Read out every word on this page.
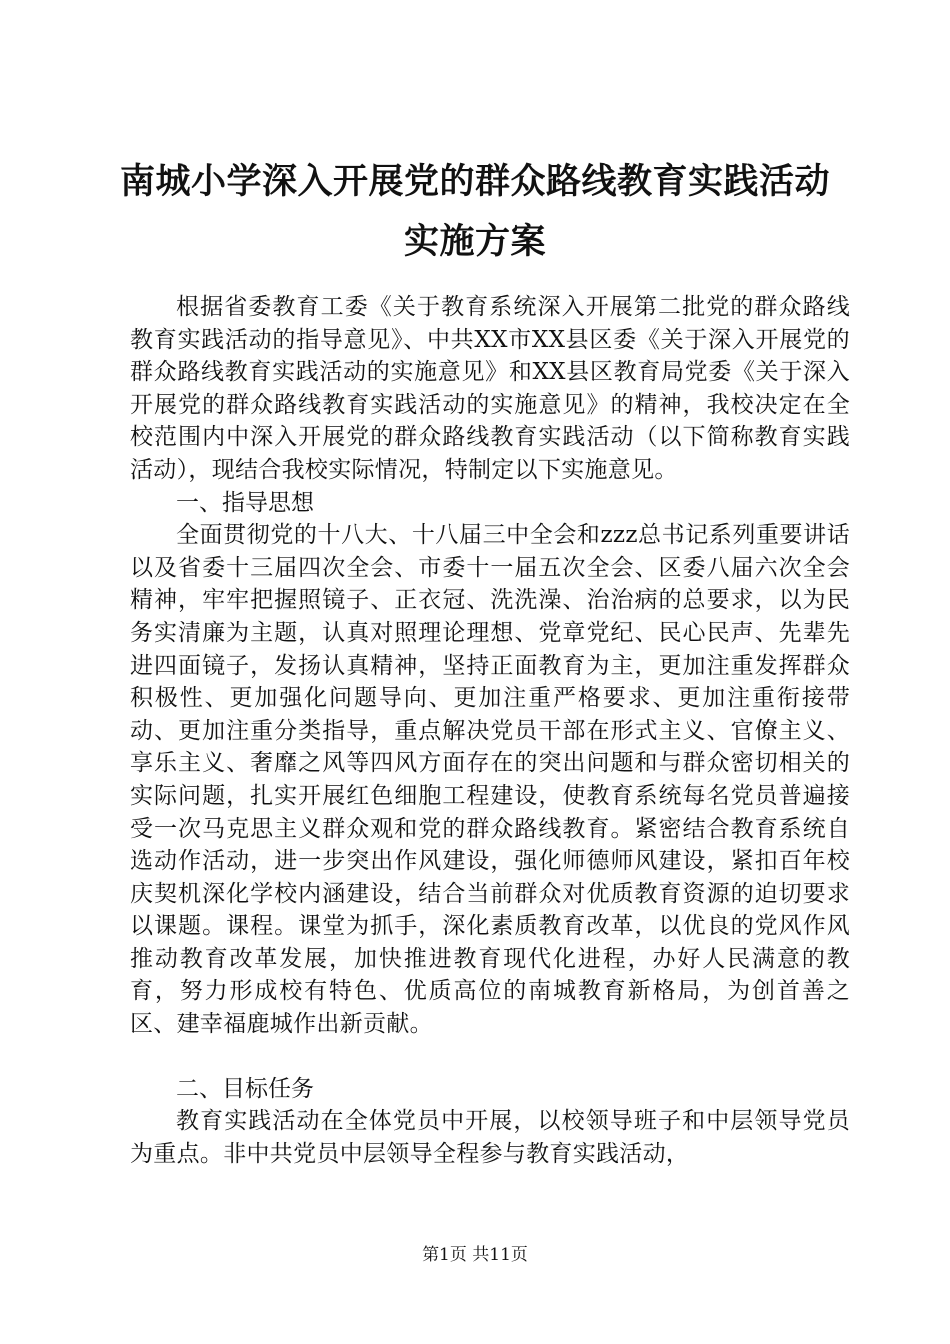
南城小学深入开展党的群众路线教育实践活动
实施方案

根据省委教育工委《关于教育系统深入开展第二批党的群众路线教育实践活动的指导意见》、中共XX市XX县区委《关于深入开展党的群众路线教育实践活动的实施意见》和XX县区教育局党委《关于深入开展党的群众路线教育实践活动的实施意见》的精神，我校决定在全校范围内中深入开展党的群众路线教育实践活动（以下简称教育实践活动），现结合我校实际情况，特制定以下实施意见。

一、指导思想

全面贯彻党的十八大、十八届三中全会和zzz总书记系列重要讲话以及省委十三届四次全会、市委十一届五次全会、区委八届六次全会精神，牢牢把握照镜子、正衣冠、洗洗澡、治治病的总要求，以为民务实清廉为主题，认真对照理论理想、党章党纪、民心民声、先辈先进四面镜子，发扬认真精神，坚持正面教育为主，更加注重发挥群众积极性、更加强化问题导向、更加注重严格要求、更加注重衔接带动、更加注重分类指导，重点解决党员干部在形式主义、官僚主义、享乐主义、奢靡之风等四风方面存在的突出问题和与群众密切相关的实际问题，扎实开展红色细胞工程建设，使教育系统每名党员普遍接受一次马克思主义群众观和党的群众路线教育。紧密结合教育系统自选动作活动，进一步突出作风建设，强化师德师风建设，紧扣百年校庆契机深化学校内涵建设，结合当前群众对优质教育资源的迫切要求以课题。课程。课堂为抓手，深化素质教育改革，以优良的党风作风推动教育改革发展，加快推进教育现代化进程，办好人民满意的教育，努力形成校有特色、优质高位的南城教育新格局，为创首善之区、建幸福鹿城作出新贡献。

二、目标任务

教育实践活动在全体党员中开展，以校领导班子和中层领导党员为重点。非中共党员中层领导全程参与教育实践活动，

第1页 共11页
